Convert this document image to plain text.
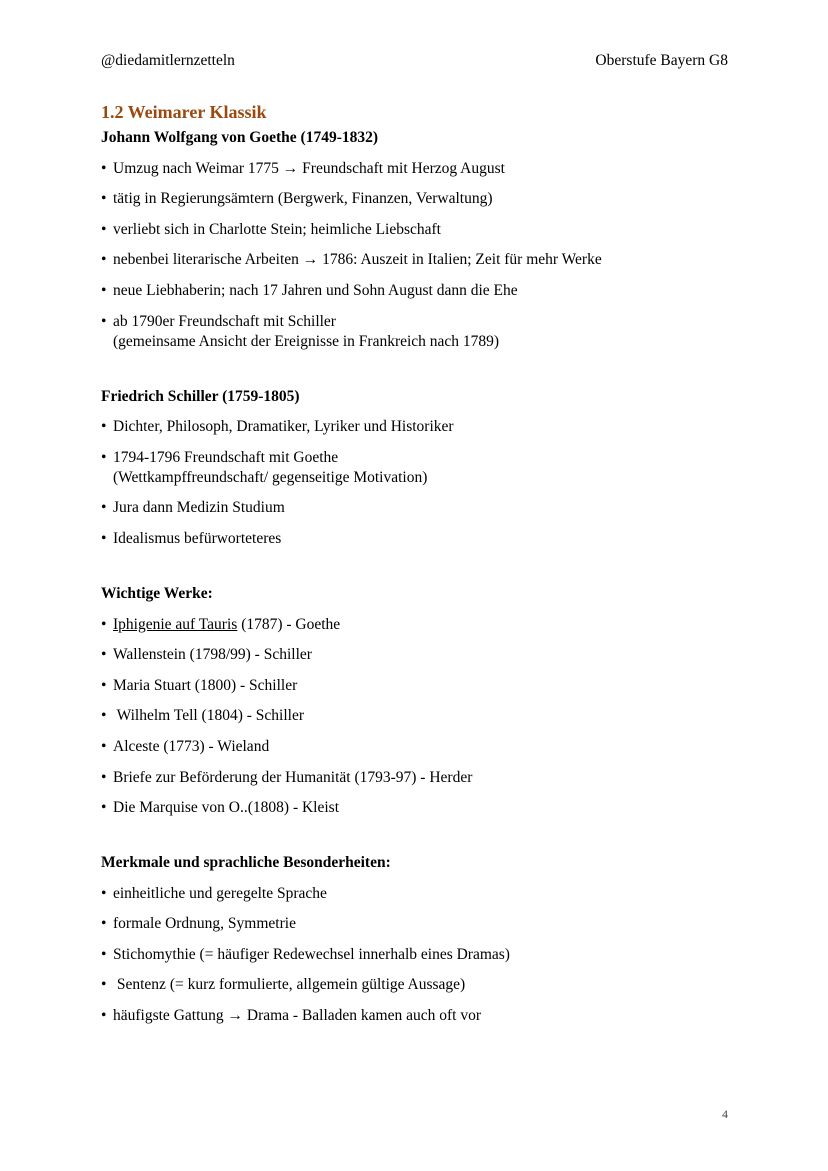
@diedamitlernzetteln	Oberstufe Bayern G8
1.2 Weimarer Klassik
Johann Wolfgang von Goethe (1749-1832)
• Umzug nach Weimar 1775 → Freundschaft mit Herzog August
• tätig in Regierungsämtern (Bergwerk, Finanzen, Verwaltung)
• verliebt sich in Charlotte Stein; heimliche Liebschaft
• nebenbei literarische Arbeiten → 1786: Auszeit in Italien; Zeit für mehr Werke
• neue Liebhaberin; nach 17 Jahren und Sohn August dann die Ehe
• ab 1790er Freundschaft mit Schiller
(gemeinsame Ansicht der Ereignisse in Frankreich nach 1789)
Friedrich Schiller (1759-1805)
• Dichter, Philosoph, Dramatiker, Lyriker und Historiker
• 1794-1796 Freundschaft mit Goethe
(Wettkampffreundschaft/ gegenseitige Motivation)
• Jura dann Medizin Studium
• Idealismus befürworteteres
Wichtige Werke:
• Iphigenie auf Tauris (1787) - Goethe
• Wallenstein (1798/99) - Schiller
• Maria Stuart (1800) - Schiller
•  Wilhelm Tell (1804) - Schiller
• Alceste (1773) - Wieland
• Briefe zur Beförderung der Humanität (1793-97) - Herder
• Die Marquise von O..(1808) - Kleist
Merkmale und sprachliche Besonderheiten:
• einheitliche und geregelte Sprache
• formale Ordnung, Symmetrie
• Stichomythie (= häufiger Redewechsel innerhalb eines Dramas)
•  Sentenz (= kurz formulierte, allgemein gültige Aussage)
• häufigste Gattung → Drama - Balladen kamen auch oft vor
4
